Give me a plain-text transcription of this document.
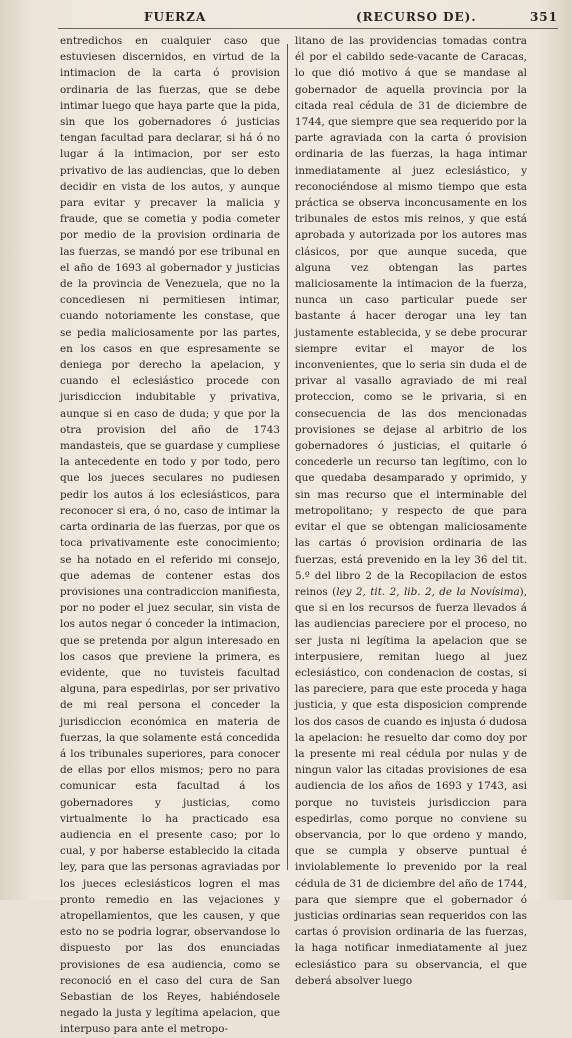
FUERZA	(RECURSO DE).	351

entredichos en cualquier caso que estuviesen discernidos, en virtud de la intimacion de la carta ó provision ordinaria de las fuerzas, que se debe intimar luego que haya parte que la pida, sin que los gobernadores ó justicias tengan facultad para declarar, si há ó no lugar á la intimacion, por ser esto privativo de las audiencias, que lo deben decidir en vista de los autos, y aunque para evitar y precaver la malicia y fraude, que se cometia y podia cometer por medio de la provision ordinaria de las fuerzas, se mandó por ese tribunal en el año de 1693 al gobernador y justicias de la provincia de Venezuela, que no la concediesen ni permitiesen intimar, cuando notoriamente les constase, que se pedia maliciosamente por las partes, en los casos en que espresamente se deniega por derecho la apelacion, y cuando el eclesiástico procede con jurisdiccion indubitable y privativa, aunque si en caso de duda; y que por la otra provision del año de 1743 mandasteis, que se guardase y cumpliese la antecedente en todo y por todo, pero que los jueces seculares no pudiesen pedir los autos á los eclesiásticos, para reconocer si era, ó no, caso de intimar la carta ordinaria de las fuerzas, por que os toca privativamente este conocimiento; se ha notado en el referido mi consejo, que ademas de contener estas dos provisiones una contradiccion manifiesta, por no poder el juez secular, sin vista de los autos negar ó conceder la intimacion, que se pretenda por algun interesado en los casos que previene la primera, es evidente, que no tuvisteis facultad alguna, para espedirlas, por ser privativo de mi real persona el conceder la jurisdiccion económica en materia de fuerzas, la que solamente está concedida á los tribunales superiores, para conocer de ellas por ellos mismos; pero no para comunicar esta facultad á los gobernadores y justicias, como virtualmente lo ha practicado esa audiencia en el presente caso; por lo cual, y por haberse establecido la citada ley, para que las personas agraviadas por los jueces eclesiásticos logren el mas pronto remedio en las vejaciones y atropellamientos, que les causen, y que esto no se podria lograr, observandose lo dispuesto por las dos enunciadas provisiones de esa audiencia, como se reconoció en el caso del cura de San Sebastian de los Reyes, habiéndosele negado la justa y legítima apelacion, que interpuso para ante el metropo-

litano de las providencias tomadas contra él por el cabildo sede-vacante de Caracas, lo que dió motivo á que se mandase al gobernador de aquella provincia por la citada real cédula de 31 de diciembre de 1744, que siempre que sea requerido por la parte agraviada con la carta ó provision ordinaria de las fuerzas, la haga intimar inmediatamente al juez eclesiástico, y reconociéndose al mismo tiempo que esta práctica se observa inconcusamente en los tribunales de estos mis reinos, y que está aprobada y autorizada por los autores mas clásicos, por que aunque suceda, que alguna vez obtengan las partes maliciosamente la intimacion de la fuerza, nunca un caso particular puede ser bastante á hacer derogar una ley tan justamente establecida, y se debe procurar siempre evitar el mayor de los inconvenientes, que lo seria sin duda el de privar al vasallo agraviado de mi real proteccion, como se le privaria, si en consecuencia de las dos mencionadas provisiones se dejase al arbitrio de los gobernadores ó justicias, el quitarle ó concederle un recurso tan legítimo, con lo que quedaba desamparado y oprimido, y sin mas recurso que el interminable del metropolitano; y respecto de que para evitar el que se obtengan maliciosamente las cartas ó provision ordinaria de las fuerzas, está prevenido en la ley 36 del tit. 5.º del libro 2 de la Recopilacion de estos reinos (ley 2, tit. 2, lib. 2, de la Novísima), que si en los recursos de fuerza llevados á las audiencias pareciere por el proceso, no ser justa ni legítima la apelacion que se interpusiere, remitan luego al juez eclesiástico, con condenacion de costas, si las pareciere, para que este proceda y haga justicia, y que esta disposicion comprende los dos casos de cuando es injusta ó dudosa la apelacion: he resuelto dar como doy por la presente mi real cédula por nulas y de ningun valor las citadas provisiones de esa audiencia de los años de 1693 y 1743, asi porque no tuvisteis jurisdiccion para espedirlas, como porque no conviene su observancia, por lo que ordeno y mando, que se cumpla y observe puntual é inviolablemente lo prevenido por la real cédula de 31 de diciembre del año de 1744, para que siempre que el gobernador ó justicias ordinarias sean requeridos con las cartas ó provision ordinaria de las fuerzas, la haga notificar inmediatamente al juez eclesiástico para su observancia, el que deberá absolver luego
